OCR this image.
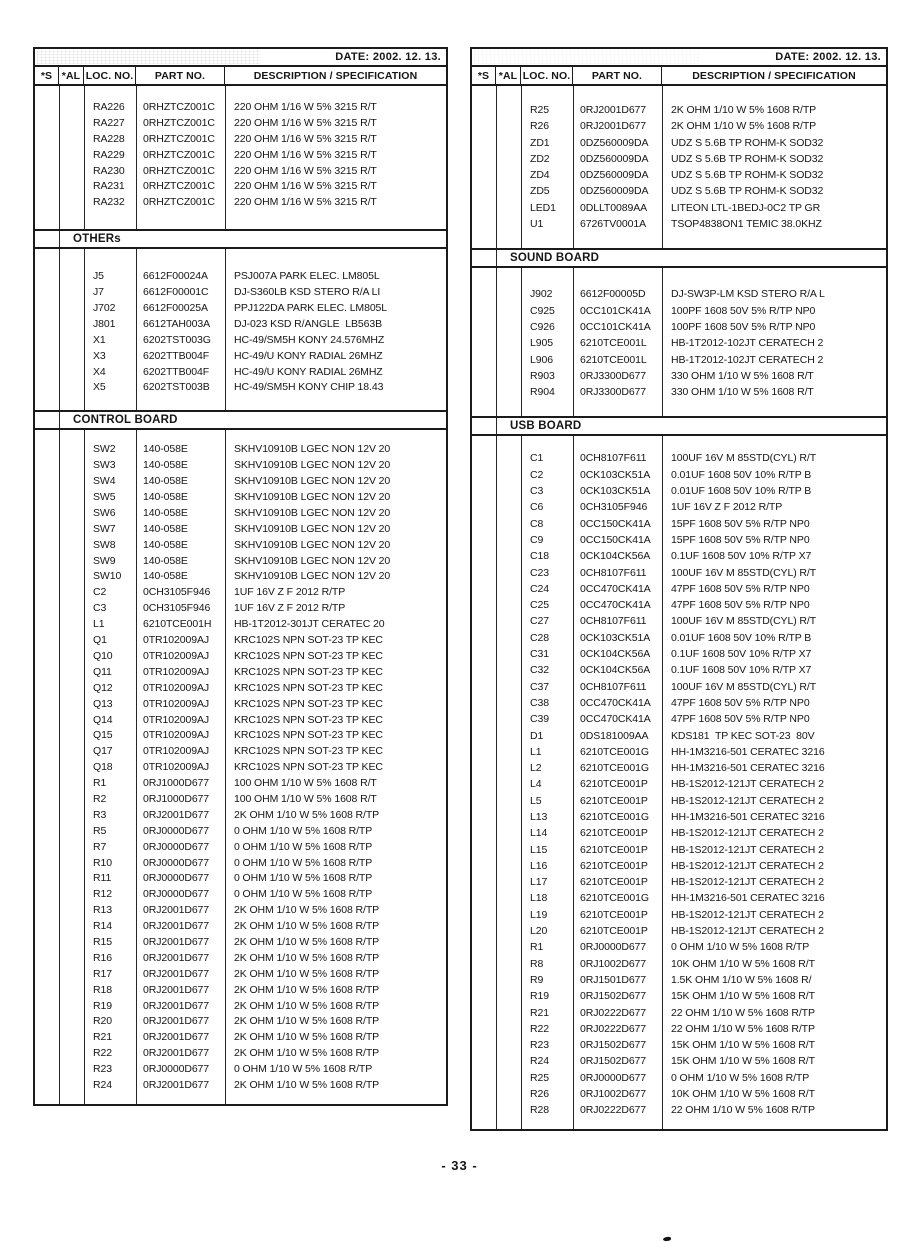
DATE: 2002. 12. 13.
*S *AL LOC. NO.	PART NO.	DESCRIPTION / SPECIFICATION
RA226	0RHZTCZ001C	220 OHM 1/16 W 5% 3215 R/T
RA227	0RHZTCZ001C	220 OHM 1/16 W 5% 3215 R/T
RA228	0RHZTCZ001C	220 OHM 1/16 W 5% 3215 R/T
RA229	0RHZTCZ001C	220 OHM 1/16 W 5% 3215 R/T
RA230	0RHZTCZ001C	220 OHM 1/16 W 5% 3215 R/T
RA231	0RHZTCZ001C	220 OHM 1/16 W 5% 3215 R/T
RA232	0RHZTCZ001C	220 OHM 1/16 W 5% 3215 R/T
OTHERs
J5	6612F00024A	PSJ007A PARK ELEC. LM805L
J7	6612F00001C	DJ-S360LB KSD STERO R/A LI
J702	6612F00025A	PPJ122DA PARK ELEC. LM805L
J801	6612TAH003A	DJ-023 KSD R/ANGLE  LB563B
X1	6202TST003G	HC-49/SM5H KONY 24.576MHZ
X3	6202TTB004F	HC-49/U KONY RADIAL 26MHZ
X4	6202TTB004F	HC-49/U KONY RADIAL 26MHZ
X5	6202TST003B	HC-49/SM5H KONY CHIP 18.43
CONTROL BOARD
SW2	140-058E	SKHV10910B LGEC NON 12V 20
SW3	140-058E	SKHV10910B LGEC NON 12V 20
SW4	140-058E	SKHV10910B LGEC NON 12V 20
SW5	140-058E	SKHV10910B LGEC NON 12V 20
SW6	140-058E	SKHV10910B LGEC NON 12V 20
SW7	140-058E	SKHV10910B LGEC NON 12V 20
SW8	140-058E	SKHV10910B LGEC NON 12V 20
SW9	140-058E	SKHV10910B LGEC NON 12V 20
SW10	140-058E	SKHV10910B LGEC NON 12V 20
C2	0CH3105F946	1UF 16V Z F 2012 R/TP
C3	0CH3105F946	1UF 16V Z F 2012 R/TP
L1	6210TCE001H	HB-1T2012-301JT CERATEC 20
Q1	0TR102009AJ	KRC102S NPN SOT-23 TP KEC
Q10	0TR102009AJ	KRC102S NPN SOT-23 TP KEC
Q11	0TR102009AJ	KRC102S NPN SOT-23 TP KEC
Q12	0TR102009AJ	KRC102S NPN SOT-23 TP KEC
Q13	0TR102009AJ	KRC102S NPN SOT-23 TP KEC
Q14	0TR102009AJ	KRC102S NPN SOT-23 TP KEC
Q15	0TR102009AJ	KRC102S NPN SOT-23 TP KEC
Q17	0TR102009AJ	KRC102S NPN SOT-23 TP KEC
Q18	0TR102009AJ	KRC102S NPN SOT-23 TP KEC
R1	0RJ1000D677	100 OHM 1/10 W 5% 1608 R/T
R2	0RJ1000D677	100 OHM 1/10 W 5% 1608 R/T
R3	0RJ2001D677	2K OHM 1/10 W 5% 1608 R/TP
R5	0RJ0000D677	0 OHM 1/10 W 5% 1608 R/TP
R7	0RJ0000D677	0 OHM 1/10 W 5% 1608 R/TP
R10	0RJ0000D677	0 OHM 1/10 W 5% 1608 R/TP
R11	0RJ0000D677	0 OHM 1/10 W 5% 1608 R/TP
R12	0RJ0000D677	0 OHM 1/10 W 5% 1608 R/TP
R13	0RJ2001D677	2K OHM 1/10 W 5% 1608 R/TP
R14	0RJ2001D677	2K OHM 1/10 W 5% 1608 R/TP
R15	0RJ2001D677	2K OHM 1/10 W 5% 1608 R/TP
R16	0RJ2001D677	2K OHM 1/10 W 5% 1608 R/TP
R17	0RJ2001D677	2K OHM 1/10 W 5% 1608 R/TP
R18	0RJ2001D677	2K OHM 1/10 W 5% 1608 R/TP
R19	0RJ2001D677	2K OHM 1/10 W 5% 1608 R/TP
R20	0RJ2001D677	2K OHM 1/10 W 5% 1608 R/TP
R21	0RJ2001D677	2K OHM 1/10 W 5% 1608 R/TP
R22	0RJ2001D677	2K OHM 1/10 W 5% 1608 R/TP
R23	0RJ0000D677	0 OHM 1/10 W 5% 1608 R/TP
R24	0RJ2001D677	2K OHM 1/10 W 5% 1608 R/TP
DATE: 2002. 12. 13.
*S *AL LOC. NO.	PART NO.	DESCRIPTION / SPECIFICATION
R25	0RJ2001D677	2K OHM 1/10 W 5% 1608 R/TP
R26	0RJ2001D677	2K OHM 1/10 W 5% 1608 R/TP
ZD1	0DZ560009DA	UDZ S 5.6B TP ROHM-K SOD32
ZD2	0DZ560009DA	UDZ S 5.6B TP ROHM-K SOD32
ZD4	0DZ560009DA	UDZ S 5.6B TP ROHM-K SOD32
ZD5	0DZ560009DA	UDZ S 5.6B TP ROHM-K SOD32
LED1	0DLLT0089AA	LITEON LTL-1BEDJ-0C2 TP GR
U1	6726TV0001A	TSOP4838ON1 TEMIC 38.0KHZ
SOUND BOARD
J902	6612F00005D	DJ-SW3P-LM KSD STERO R/A L
C925	0CC101CK41A	100PF 1608 50V 5% R/TP NP0
C926	0CC101CK41A	100PF 1608 50V 5% R/TP NP0
L905	6210TCE001L	HB-1T2012-102JT CERATECH 2
L906	6210TCE001L	HB-1T2012-102JT CERATECH 2
R903	0RJ3300D677	330 OHM 1/10 W 5% 1608 R/T
R904	0RJ3300D677	330 OHM 1/10 W 5% 1608 R/T
USB BOARD
C1	0CH8107F611	100UF 16V M 85STD(CYL) R/T
C2	0CK103CK51A	0.01UF 1608 50V 10% R/TP B
C3	0CK103CK51A	0.01UF 1608 50V 10% R/TP B
C6	0CH3105F946	1UF 16V Z F 2012 R/TP
C8	0CC150CK41A	15PF 1608 50V 5% R/TP NP0
C9	0CC150CK41A	15PF 1608 50V 5% R/TP NP0
C18	0CK104CK56A	0.1UF 1608 50V 10% R/TP X7
C23	0CH8107F611	100UF 16V M 85STD(CYL) R/T
C24	0CC470CK41A	47PF 1608 50V 5% R/TP NP0
C25	0CC470CK41A	47PF 1608 50V 5% R/TP NP0
C27	0CH8107F611	100UF 16V M 85STD(CYL) R/T
C28	0CK103CK51A	0.01UF 1608 50V 10% R/TP B
C31	0CK104CK56A	0.1UF 1608 50V 10% R/TP X7
C32	0CK104CK56A	0.1UF 1608 50V 10% R/TP X7
C37	0CH8107F611	100UF 16V M 85STD(CYL) R/T
C38	0CC470CK41A	47PF 1608 50V 5% R/TP NP0
C39	0CC470CK41A	47PF 1608 50V 5% R/TP NP0
D1	0DS181009AA	KDS181  TP KEC SOT-23  80V
L1	6210TCE001G	HH-1M3216-501 CERATEC 3216
L2	6210TCE001G	HH-1M3216-501 CERATEC 3216
L4	6210TCE001P	HB-1S2012-121JT CERATECH 2
L5	6210TCE001P	HB-1S2012-121JT CERATECH 2
L13	6210TCE001G	HH-1M3216-501 CERATEC 3216
L14	6210TCE001P	HB-1S2012-121JT CERATECH 2
L15	6210TCE001P	HB-1S2012-121JT CERATECH 2
L16	6210TCE001P	HB-1S2012-121JT CERATECH 2
L17	6210TCE001P	HB-1S2012-121JT CERATECH 2
L18	6210TCE001G	HH-1M3216-501 CERATEC 3216
L19	6210TCE001P	HB-1S2012-121JT CERATECH 2
L20	6210TCE001P	HB-1S2012-121JT CERATECH 2
R1	0RJ0000D677	0 OHM 1/10 W 5% 1608 R/TP
R8	0RJ1002D677	10K OHM 1/10 W 5% 1608 R/T
R9	0RJ1501D677	1.5K OHM 1/10 W 5% 1608 R/
R19	0RJ1502D677	15K OHM 1/10 W 5% 1608 R/T
R21	0RJ0222D677	22 OHM 1/10 W 5% 1608 R/TP
R22	0RJ0222D677	22 OHM 1/10 W 5% 1608 R/TP
R23	0RJ1502D677	15K OHM 1/10 W 5% 1608 R/T
R24	0RJ1502D677	15K OHM 1/10 W 5% 1608 R/T
R25	0RJ0000D677	0 OHM 1/10 W 5% 1608 R/TP
R26	0RJ1002D677	10K OHM 1/10 W 5% 1608 R/T
R28	0RJ0222D677	22 OHM 1/10 W 5% 1608 R/TP
- 33 -
